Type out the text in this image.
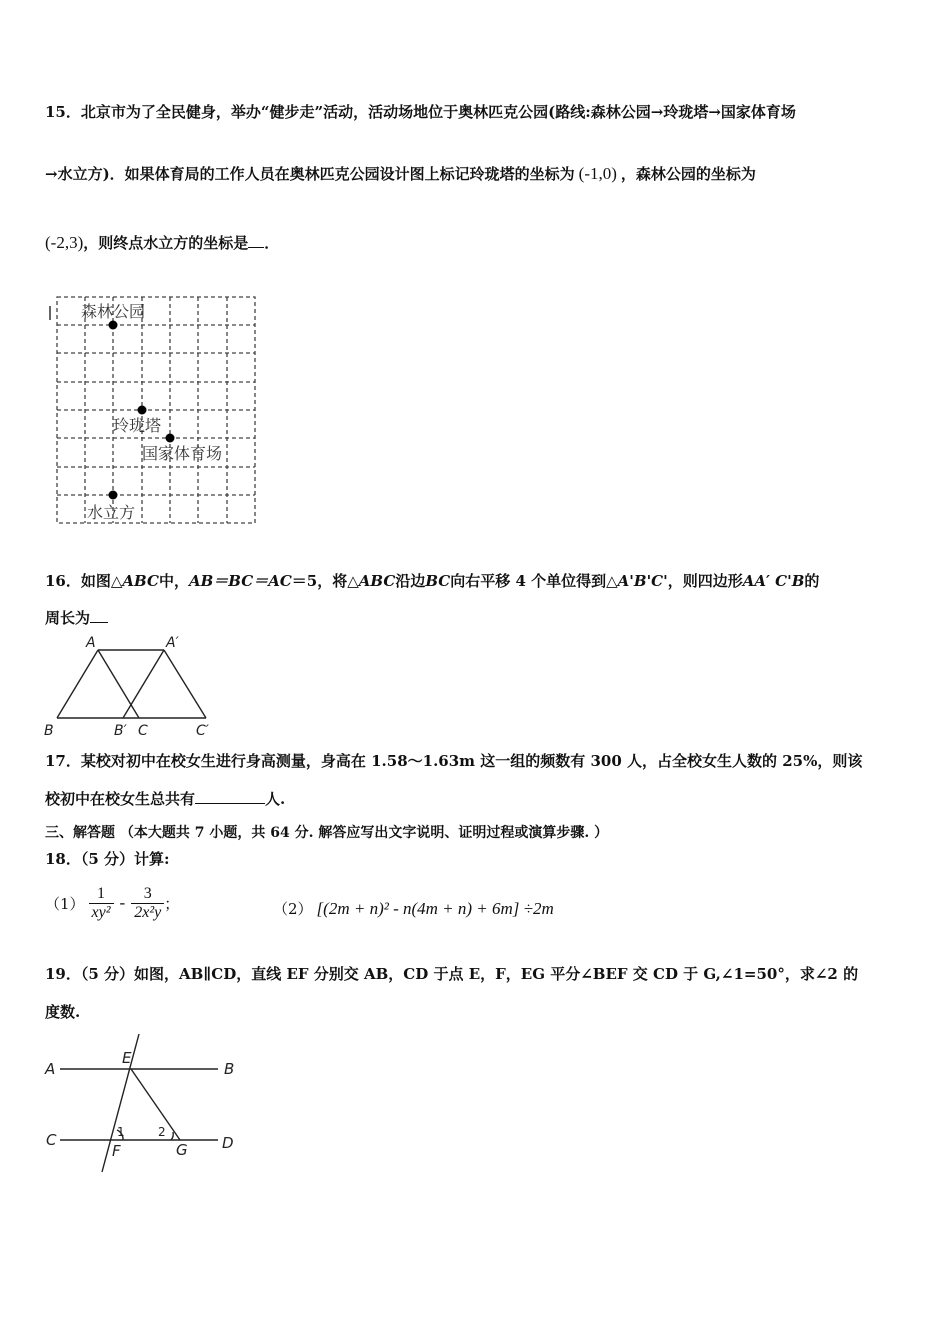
15．北京市为了全民健身，举办“健步走”活动，活动场地位于奥林匹克公园(路线:森林公园→玲珑塔→国家体育场
→水立方)．如果体育局的工作人员在奥林匹克公园设计图上标记玲珑塔的坐标为 (-1,0) ，森林公园的坐标为
(-2,3)，则终点水立方的坐标是 ．
森林公园
玲珑塔
国家体育场
水立方
16．如图△ABC中，AB＝BC＝AC＝5，将△ABC沿边BC向右平移 4 个单位得到△A'B'C'，则四边形AA′ C'B的
周长为
A	A′
B	B′ C	C′
17．某校对初中在校女生进行身高测量，身高在 1.58～1.63m 这一组的频数有 300 人，占全校女生人数的 25%，则该
校初中在校女生总共有	人.
三、解答题 （本大题共 7 小题，共 64 分. 解答应写出文字说明、证明过程或演算步骤. ）
18．（5 分）计算:
$(1) \frac{1}{\text{xy²}} - \frac{3}{\text{2x²y}}$ ；	（2） [(2m + n)² - n(4m + n) + 6m] ÷2m
19．（5 分）如图，AB∥CD，直线 EF 分别交 AB，CD 于点 E，F，EG 平分∠BEF 交 CD 于 G,∠1=50°，求∠2 的
度数.
A	B
C	D
E
F	G
1	2
